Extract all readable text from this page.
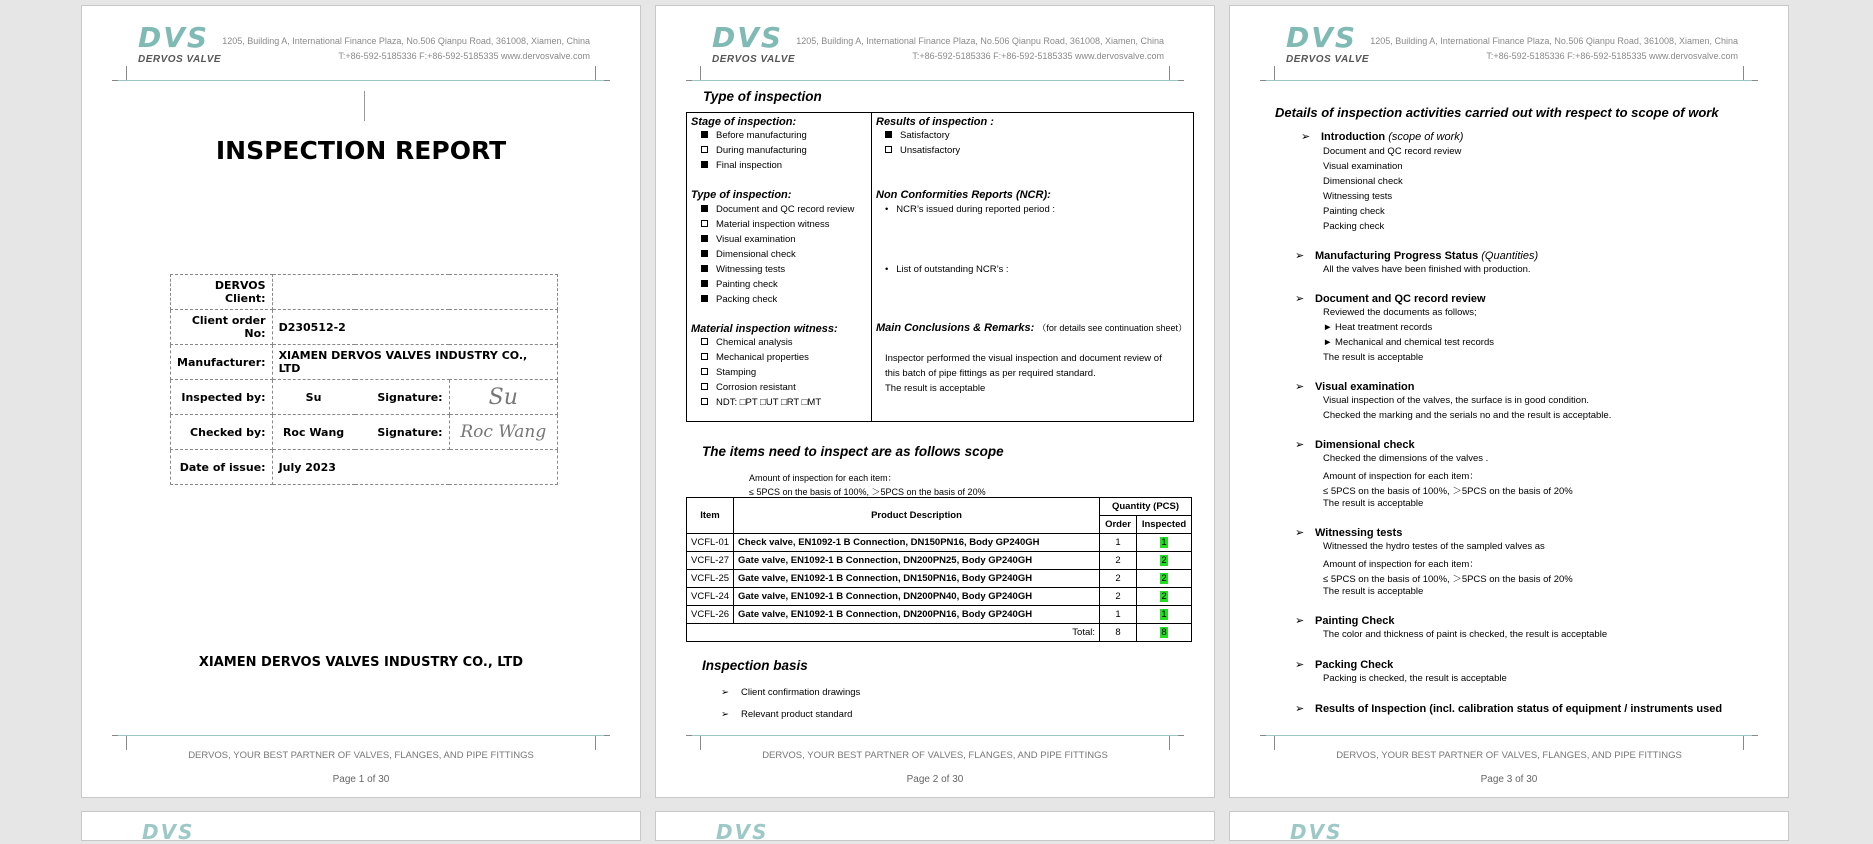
DVS
DERVOS VALVE
1205, Building A, International Finance Plaza, No.506 Qianpu Road, 361008, Xiamen, China
T:+86-592-5185336 F:+86-592-5185335 www.dervosvalve.com
INSPECTION REPORT
DERVOS Client:			
Client order No:	D230512-2		
Manufacturer:	XIAMEN DERVOS VALVES INDUSTRY CO., LTD		
Inspected by:	Su	Signature:	Su
Checked by:	Roc Wang	Signature:	Roc Wang
Date of issue:	July 2023		
XIAMEN DERVOS VALVES INDUSTRY CO., LTD
DERVOS, YOUR BEST PARTNER OF VALVES, FLANGES, AND PIPE FITTINGS
Page 1 of 30
DVS
DERVOS VALVE
1205, Building A, International Finance Plaza, No.506 Qianpu Road, 361008, Xiamen, China
T:+86-592-5185336 F:+86-592-5185335 www.dervosvalve.com
Type of inspection
Stage of inspection:
Before manufacturing
During manufacturing
Final inspection
Type of inspection:
Document and QC record review
Material inspection witness
Visual examination
Dimensional check
Witnessing tests
Painting check
Packing check
Material inspection witness:
Chemical analysis
Mechanical properties
Stamping
Corrosion resistant
NDT: □PT □UT □RT □MT
Results of inspection :
Satisfactory
Unsatisfactory
Non Conformities Reports (NCR):
•   NCR’s issued during reported period :
•   List of outstanding NCR’s :
Main Conclusions & Remarks: （for details see continuation sheet）
Inspector performed the visual inspection and document review of
this batch of pipe fittings as per required standard.
The result is acceptable
The items need to inspect are as follows scope
Amount of inspection for each item：
≤ 5PCS on the basis of 100%, ＞5PCS on the basis of 20%
Item	Product Description	Quantity (PCS)	
		Order	Inspected
VCFL-01	Check valve, EN1092-1 B Connection, DN150PN16, Body GP240GH	1	1
VCFL-27	Gate valve, EN1092-1 B Connection, DN200PN25, Body GP240GH	2	2
VCFL-25	Gate valve, EN1092-1 B Connection, DN150PN16, Body GP240GH	2	2
VCFL-24	Gate valve, EN1092-1 B Connection, DN200PN40, Body GP240GH	2	2
VCFL-26	Gate valve, EN1092-1 B Connection, DN200PN16, Body GP240GH	1	1
	Total:	8	8
Inspection basis
➢ Client confirmation drawings
➢ Relevant product standard
DERVOS, YOUR BEST PARTNER OF VALVES, FLANGES, AND PIPE FITTINGS
Page 2 of 30
DVS
DERVOS VALVE
1205, Building A, International Finance Plaza, No.506 Qianpu Road, 361008, Xiamen, China
T:+86-592-5185336 F:+86-592-5185335 www.dervosvalve.com
Details of inspection activities carried out with respect to scope of work
➢ Introduction (scope of work)
Document and QC record review
Visual examination
Dimensional check
Witnessing tests
Painting check
Packing check
➢ Manufacturing Progress Status (Quantities)
All the valves have been finished with production.
➢ Document and QC record review
Reviewed the documents as follows;
► Heat treatment records
► Mechanical and chemical test records
The result is acceptable
➢ Visual examination
Visual inspection of the valves, the surface is in good condition.
Checked the marking and the serials no and the result is acceptable.
➢ Dimensional check
Checked the dimensions of the valves .
Amount of inspection for each item：
≤ 5PCS on the basis of 100%, ＞5PCS on the basis of 20%
The result is acceptable
➢ Witnessing tests
Witnessed the hydro testes of the sampled valves as
Amount of inspection for each item：
≤ 5PCS on the basis of 100%, ＞5PCS on the basis of 20%
The result is acceptable
➢ Painting Check
The color and thickness of paint is checked, the result is acceptable
➢ Packing Check
Packing is checked, the result is acceptable
➢ Results of Inspection (incl. calibration status of equipment / instruments used
DERVOS, YOUR BEST PARTNER OF VALVES, FLANGES, AND PIPE FITTINGS
Page 3 of 30
DVS	DVS	DVS
